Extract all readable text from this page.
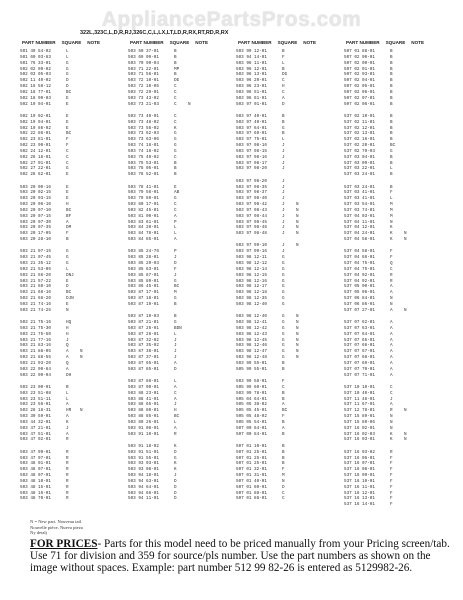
AppliancePartsPros.com
322L,323C,L,D,R,RJ,326C,C,L,LX,LT,LD,R,RX,RT,RD,R,RX
PART NUMBER SQUARE NOTE
501 49 54-02	L
501 60 03-63	L
501 76 33-01	G
502 02 09-02	G
502 03 05-03	G
502 11 40-02	D
502 16 58-12	D
502 18 77-01	BC
502 18 90-03	E
502 19 04-01	E
502 19 02-01	E
502 19 94-01	E
502 19 86-02	E
502 22 86-01	BC
502 23 81-01	F
502 23 90-01	F
502 24 12-01	C
502 26 18-01	C
502 27 01-01	C
502 27 22-01	G
502 28 62-01	E
503 20 00-16	E
503 20 02-15	E
503 20 03-15	E
503 20 06-10	H
503 20 07-10	BC
503 20 07-15	BF
503 20 07-30	A
503 20 07-35	DM
503 20 17-05	F
503 20 28-10	B
503 21 07-15	G
503 21 07-45	G
503 21 35-12	G
503 21 53-05	L
503 21 56-20	DNJ
503 21 57-22	E
503 21 60-10	D
503 21 68-16	BC
503 21 68-20	DJN
503 21 74-16	E
503 21 74-25	N
503 21 75-16	HQ
503 21 75-30	H
503 21 75-50	H
503 21 77-16	J
503 21 83-16	Q
503 21 88-05	A	N
503 21 88-55	A	N
503 21 93-20	Q
503 22 90-64	A
503 22 90-04	DH
503 23 00-01	B
503 23 51-08	L
503 23 51-11	L
503 23 56-01	A
503 28 18-31	HR	N
503 30 59-01	A
503 44 32-01	K
503 47 21-01	J
503 47 51-01	A
503 47 92-01	R
503 47 99-01	R
503 47 97-01	R
503 48 01-01	R
503 48 07-01	R
503 48 07-01	R
503 48 10-01	R
503 48 15-01	R
503 48 16-01	R
503 48 70-01	R
PART NUMBER SQUARE NOTE
503 50 37-01	B
503 69 09-01	B
503 70 90-04	B
503 71 22-01	MP
503 71 56-01	B
503 72 10-01	DE
503 72 10-05	C
503 72 29-01	C
503 73 43-02	C
503 73 21-03	C	N
503 73 40-01	C
503 73 48-02	C
503 73 56-02	K
503 73 62-03	G
503 73 63-06	G
503 74 16-01	G
503 74 16-02	G
503 75 49-02	C
503 75 53-01	B
503 78 05-01	B
503 78 52-01	B
503 78 41-01	E
503 79 56-01	AB
503 79 89-01	G
503 80 17-01	C
503 82 45-01	C
503 81 00-01	A
503 83 61-01	P
503 84 20-01	L
503 84 78-01	L
503 84 85-01	A
503 85 24-76	P
503 85 28-01	J
503 85 29-03	D
503 85 63-01	F
503 85 87-01	J
503 85 89-01	G
503 86 45-01	BC
503 87 17-01	M
503 87 18-01	G
503 87 19-01	B
503 87 19-03	B
503 87 21-01	G
503 87 26-01	BDN
503 87 28-01	L
503 87 32-02	J
503 87 35-02	J
503 87 36-01	J
503 87 37-01	J
503 87 65-01	A
503 87 85-01	D
503 87 86-01	L
503 87 90-01	A
503 88 23-01	C
503 88 41-01	A
503 88 65-01	J
503 88 80-01	H
503 88 85-01	BC
503 89 26-01	L
503 91 08-01	A
503 91 10-01	R
503 91 18-02	K
503 91 51-01	D
503 91 55-01	G
503 93 03-01	K
503 93 08-01	K
503 94 18-01	J
503 94 63-01	D
503 94 64-01	D
503 94 66-01	D
503 94 11-01	D
PART NUMBER SQUARE NOTE
503 99 12-01	B
503 94 14-01	F
503 96 11-01	L
503 96 12-01	B
503 96 13-01	DG
503 96 20-01	C
503 96 23-01	H
503 96 51-01	C
503 96 61-01	A
503 97 01-01	D
503 97 40-01	B
503 97 40-01	B
503 97 64-01	G
503 97 69-01	B
503 97 75-01	L
503 97 98-16	J
503 97 98-15	J
503 97 98-16	J
503 97 98-17	J
503 97 98-20	J
503 97 98-20	J
503 97 98-35	J
503 97 98-37	J
503 97 98-40	J
503 97 98-42	J	N
503 97 98-43	J	N
503 97 98-44	J	N
503 97 98-45	J	N
503 97 98-46	J	N
503 97 98-48	J	N
503 97 99-10	J	N
503 97 99-16	J
503 98 12-11	G
503 98 12-12	G
503 98 12-14	G
503 98 12-15	G
503 98 12-16	G
503 98 12-17	G
503 98 12-18	G
503 98 12-35	G
503 98 12-40	G
503 98 12-40	G	N
503 98 12-41	G	N
503 98 12-42	G	N
503 98 12-43	G	N
503 98 12-45	G	N
503 98 12-46	G	N
503 98 12-47	G	N
503 98 12-48	G	N
503 99 55-01	B
505 99 55-01	B
503 99 58-01	F
505 99 60-01	C
503 99 78-01	B
505 04 64-01	B
505 05 38-02	A
505 05 45-01	BC
505 05 48-02	F
505 05 54-01	B
507 00 64-01	A
507 00 84-01	B
507 01 10-01	B
507 01 25-01	B
507 01 25-01	B
507 01 25-01	B
507 01 32-01	F
507 01 31-01	M
507 01 40-01	N
507 01 60-01	D
507 01 88-01	C
507 01 88-01	C
PART NUMBER SQUARE NOTE
507 01 88-01	B
507 02 00-01	B
507 02 00-01	B
507 02 01-01	B
507 02 03-01	B
507 02 04-01	B
507 02 05-01	B
507 02 06-01	B
507 02 07-01	B
507 02 08-01	B
537 02 10-01	B
537 02 11-01	B
537 02 12-01	B
537 02 13-01	B
537 02 16-01	B
537 02 20-01	BC
537 02 79-03	G
537 03 04-01	B
537 03 09-01	B
537 03 22-01	L
537 03 24-01	B
537 03 24-01	B
537 03 41-01	F
537 03 41-01	L
537 03 54-01	M
537 03 74-01	M
537 04 03-01	M
537 04 11-01	N
537 04 12-01	K
537 04 24-01	K	N
537 04 58-01	K	N
537 04 58-01	F
537 04 66-01	F
537 04 75-01	Q
537 04 75-01	C
537 04 92-01	R
537 04 92-01	R
537 05 00-01	A
537 05 06-01	A
537 06 84-01	N
537 06 86-01	N
537 07 27-01	A	N
537 07 62-01	A
537 07 63-01	A
537 07 64-01	A
537 07 65-01	A
537 07 66-01	A
537 07 67-01	A
537 07 68-01	A
537 07 69-01	A
537 07 70-01	A
537 07 71-01	A
537 10 10-01	C
537 10 40-01	C
537 11 48-01	J
537 11 67-01	A
537 12 78-01	R	N
537 15 89-01	N
537 15 89-06	N
537 16 02-01	N
537 16 02-03	K	N
537 16 03-01	K	N
537 16 03-02	R
537 16 06-01	F
537 16 07-01	F
537 16 08-01	F
537 16 09-01	F
537 16 10-01	F
537 16 11-01	F
537 16 12-01	F
537 16 13-01	F
537 16 14-01	F
N = New part. Nouveau tail.
Nouvelle pièce, Nueva pieza
Ny detalj
FOR PRICES- Parts for this model need to be priced manually from your Pricing screen/tab.
Use 71 for division and 359 for source/pls number. Use the part numbers as shown on the
image without spaces. Example: part number 512 99 82-26 is entered as 5129982-26.
